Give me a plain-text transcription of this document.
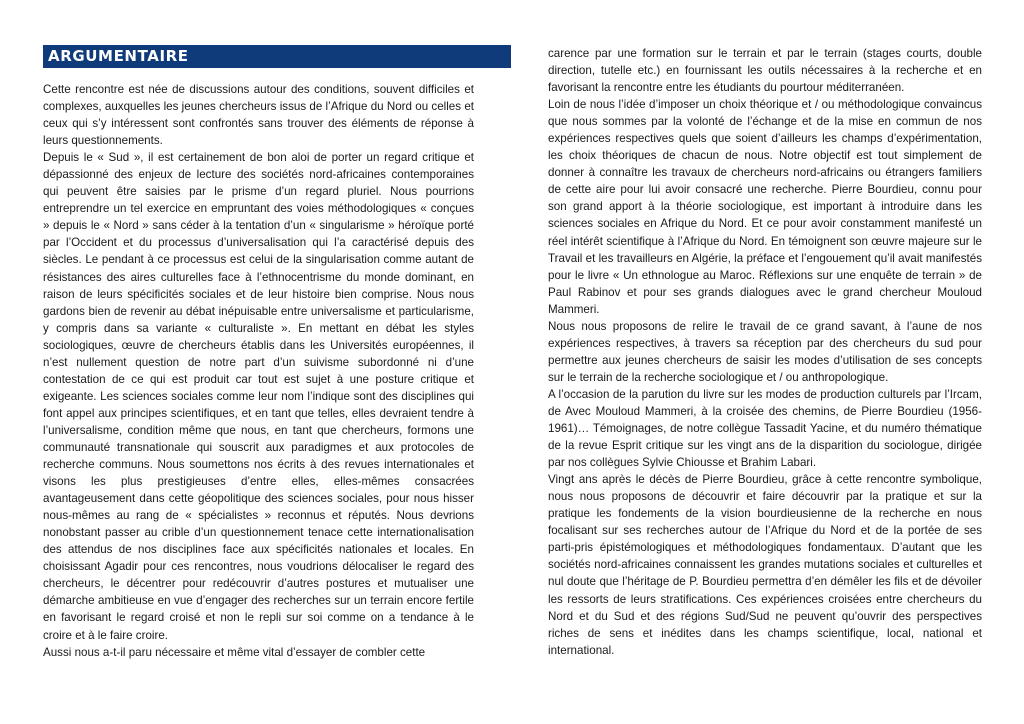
ARGUMENTAIRE

Cette rencontre est née de discussions autour des conditions, souvent difficiles et complexes, auxquelles les jeunes chercheurs issus de l’Afrique du Nord ou celles et ceux qui s’y intéressent sont confrontés sans trouver des éléments de réponse à leurs questionnements.

Depuis le « Sud », il est certainement de bon aloi de porter un regard critique et dépassionné des enjeux de lecture des sociétés nord-africaines contemporaines qui peuvent être saisies par le prisme d’un regard pluriel. Nous pourrions entreprendre un tel exercice en empruntant des voies méthodologiques « conçues » depuis le « Nord » sans céder à la tentation d’un « singularisme » héroïque porté par l’Occident et du processus d’universalisation qui l’a caractérisé depuis des siècles. Le pendant à ce processus est celui de la singularisation comme autant de résistances des aires culturelles face à l’ethnocentrisme du monde dominant, en raison de leurs spécificités sociales et de leur histoire bien comprise. Nous nous gardons bien de revenir au débat inépuisable entre universalisme et particularisme, y compris dans sa variante « culturaliste ». En mettant en débat les styles sociologiques, œuvre de chercheurs établis dans les Universités européennes, il n’est nullement question de notre part d’un suivisme subordonné ni d’une contestation de ce qui est produit car tout est sujet à une posture critique et exigeante. Les sciences sociales comme leur nom l’indique sont des disciplines qui font appel aux principes scientifiques, et en tant que telles, elles devraient tendre à l’universalisme, condition même que nous, en tant que chercheurs, formons une communauté transnationale qui souscrit aux paradigmes et aux protocoles de recherche communs. Nous soumettons nos écrits à des revues internationales et visons les plus prestigieuses d’entre elles, elles-mêmes consacrées avantageusement dans cette géopolitique des sciences sociales, pour nous hisser nous-mêmes au rang de « spécialistes » reconnus et réputés. Nous devrions nonobstant passer au crible d’un questionnement tenace cette internationalisation des attendus de nos disciplines face aux spécificités nationales et locales. En choisissant Agadir pour ces rencontres, nous voudrions délocaliser le regard des chercheurs, le décentrer pour redécouvrir d’autres postures et mutualiser une démarche ambitieuse en vue d’engager des recherches sur un terrain encore fertile en favorisant le regard croisé et non le repli sur soi comme on a tendance à le croire et à le faire croire.

Aussi nous a-t-il paru nécessaire et même vital d’essayer de combler cette

carence par une formation sur le terrain et par le terrain (stages courts, double direction, tutelle etc.) en fournissant les outils nécessaires à la recherche et en favorisant la rencontre entre les étudiants du pourtour méditerranéen.

Loin de nous l’idée d’imposer un choix théorique et / ou méthodologique convaincus que nous sommes par la volonté de l’échange et de la mise en commun de nos expériences respectives quels que soient d’ailleurs les champs d’expérimentation, les choix théoriques de chacun de nous. Notre objectif est tout simplement de donner à connaître les travaux de chercheurs nord-africains ou étrangers familiers de cette aire pour lui avoir consacré une recherche. Pierre Bourdieu, connu pour son grand apport à la théorie sociologique, est important à introduire dans les sciences sociales en Afrique du Nord. Et ce pour avoir constamment manifesté un réel intérêt scientifique à l’Afrique du Nord. En témoignent son œuvre majeure sur le Travail et les travailleurs en Algérie, la préface et l’engouement qu’il avait manifestés pour le livre « Un ethnologue au Maroc. Réflexions sur une enquête de terrain » de Paul Rabinov et pour ses grands dialogues avec le grand chercheur Mouloud Mammeri.

Nous nous proposons de relire le travail de ce grand savant, à l’aune de nos expériences respectives, à travers sa réception par des chercheurs du sud pour permettre aux jeunes chercheurs de saisir les modes d’utilisation de ses concepts sur le terrain de la recherche sociologique et / ou anthropologique.

A l’occasion de la parution du livre sur les modes de production culturels par l’Ircam, de Avec Mouloud Mammeri, à la croisée des chemins, de Pierre Bourdieu (1956-1961)… Témoignages, de notre collègue Tassadit Yacine, et du numéro thématique de la revue Esprit critique sur les vingt ans de la disparition du sociologue, dirigée par nos collègues Sylvie Chiousse et Brahim Labari.

Vingt ans après le décès de Pierre Bourdieu, grâce à cette rencontre symbolique, nous nous proposons de découvrir et faire découvrir par la pratique et sur la pratique les fondements de la vision bourdieusienne de la recherche en nous focalisant sur ses recherches autour de l’Afrique du Nord et de la portée de ses parti-pris épistémologiques et méthodologiques fondamentaux. D’autant que les sociétés nord-africaines connaissent les grandes mutations sociales et culturelles et nul doute que l’héritage de P. Bourdieu permettra d’en démêler les fils et de dévoiler les ressorts de leurs stratifications. Ces expériences croisées entre chercheurs du Nord et du Sud et des régions Sud/Sud ne peuvent qu’ouvrir des perspectives riches de sens et inédites dans les champs scientifique, local, national et international.
